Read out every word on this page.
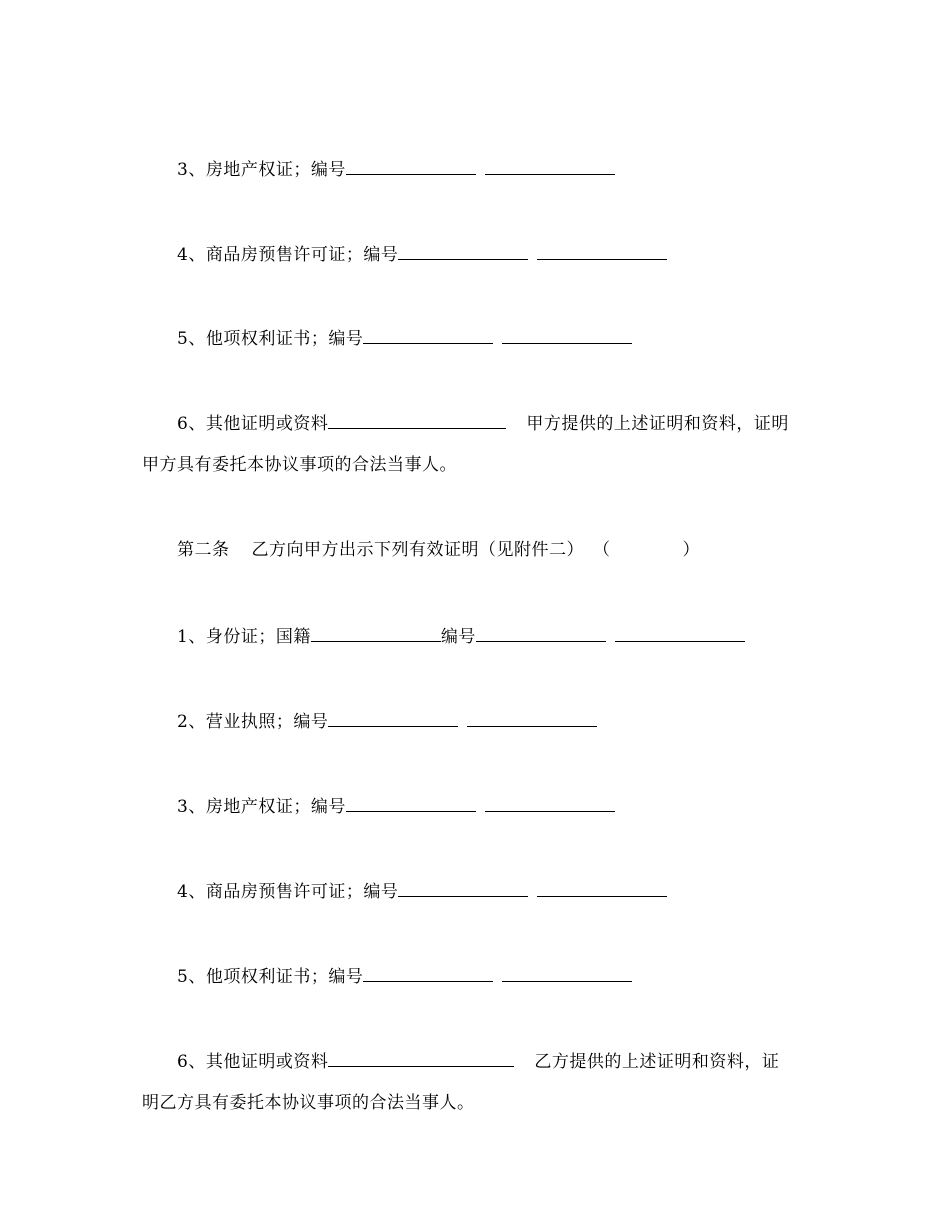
3、房地产权证；编号
4、商品房预售许可证；编号
5、他项权利证书；编号
6、其他证明或资料	甲方提供的上述证明和资料，证明
甲方具有委托本协议事项的合法当事人。
第二条 乙方向甲方出示下列有效证明（见附件二） （	）
1、身份证；国籍	编号
2、营业执照；编号
3、房地产权证；编号
4、商品房预售许可证；编号
5、他项权利证书；编号
6、其他证明或资料	乙方提供的上述证明和资料，证
明乙方具有委托本协议事项的合法当事人。
